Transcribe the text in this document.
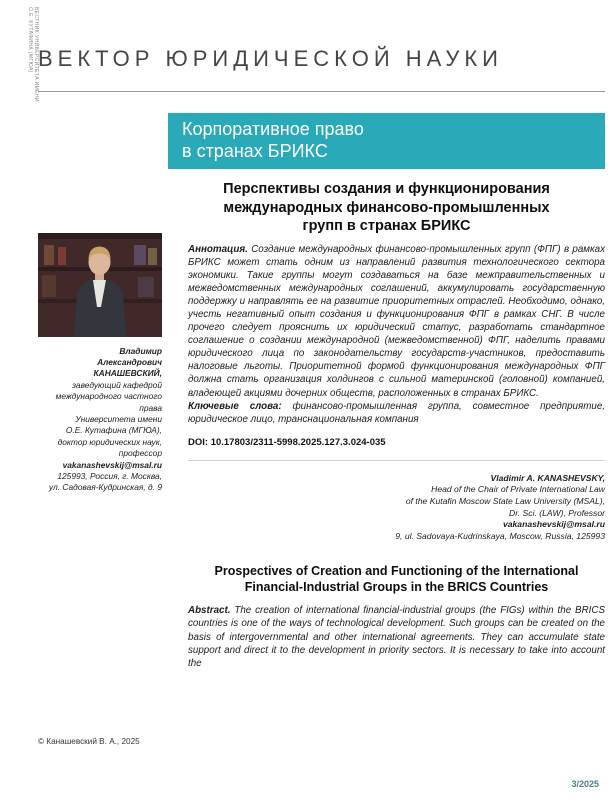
ВЕСТНИК УНИВЕРСИТЕТА ИМЕНИ О.Е. КУТАФИНА (МГЮА) ВЕКТОР ЮРИДИЧЕСКОЙ НАУКИ
Корпоративное право
в странах БРИКС
Перспективы создания и функционирования
международных финансово-промышленных
групп в странах БРИКС
Владимир
Александрович
КАНАШЕВСКИЙ,
заведующий кафедрой
международного частного
права
Университета имени
О.Е. Кутафина (МГЮА),
доктор юридических наук,
профессор
vakanashevskij@msal.ru
125993, Россия, г. Москва,
ул. Садовая-Кудринская, д. 9

Аннотация. Создание международных финансово-промышленных групп (ФПГ) в рамках БРИКС может стать одним из направлений развития технологического сектора экономики. Такие группы могут создаваться на базе межправительственных и межведомственных международных соглашений, аккумулировать государственную поддержку и направлять ее на развитие приоритетных отраслей. Необходимо, однако, учесть негативный опыт создания и функционирования ФПГ в рамках СНГ. В числе прочего следует прояснить их юридический статус, разработать стандартное соглашение о создании международной (межведомственной) ФПГ, наделить правами юридического лица по законодательству государств-участников, предоставить налоговые льготы. Приоритетной формой функционирования международных ФПГ должна стать организация холдингов с сильной материнской (головной) компанией, владеющей акциями дочерних обществ, расположенных в странах БРИКС.

Ключевые слова: финансово-промышленная группа, совместное предприятие, юридическое лицо, транснациональная компания

DOI: 10.17803/2311-5998.2025.127.3.024-035

Vladimir A. KANASHEVSKY,
Head of the Chair of Private International Law
of the Kutafin Moscow State Law University (MSAL),
Dr. Sci. (LAW), Professor
vakanashevskij@msal.ru
9, ul. Sadovaya-Kudrinskaya, Moscow, Russia, 125993
Prospectives of Creation and Functioning of the International
Financial-Industrial Groups in the BRICS Countries

Abstract. The creation of international financial-industrial groups (the FIGs) within the BRICS countries is one of the ways of technological development. Such groups can be created on the basis of intergovernmental and other international agreements. They can accumulate state support and direct it to the development in priority sectors. It is necessary to take into account the

© Канашевский В. А., 2025
3/2025
